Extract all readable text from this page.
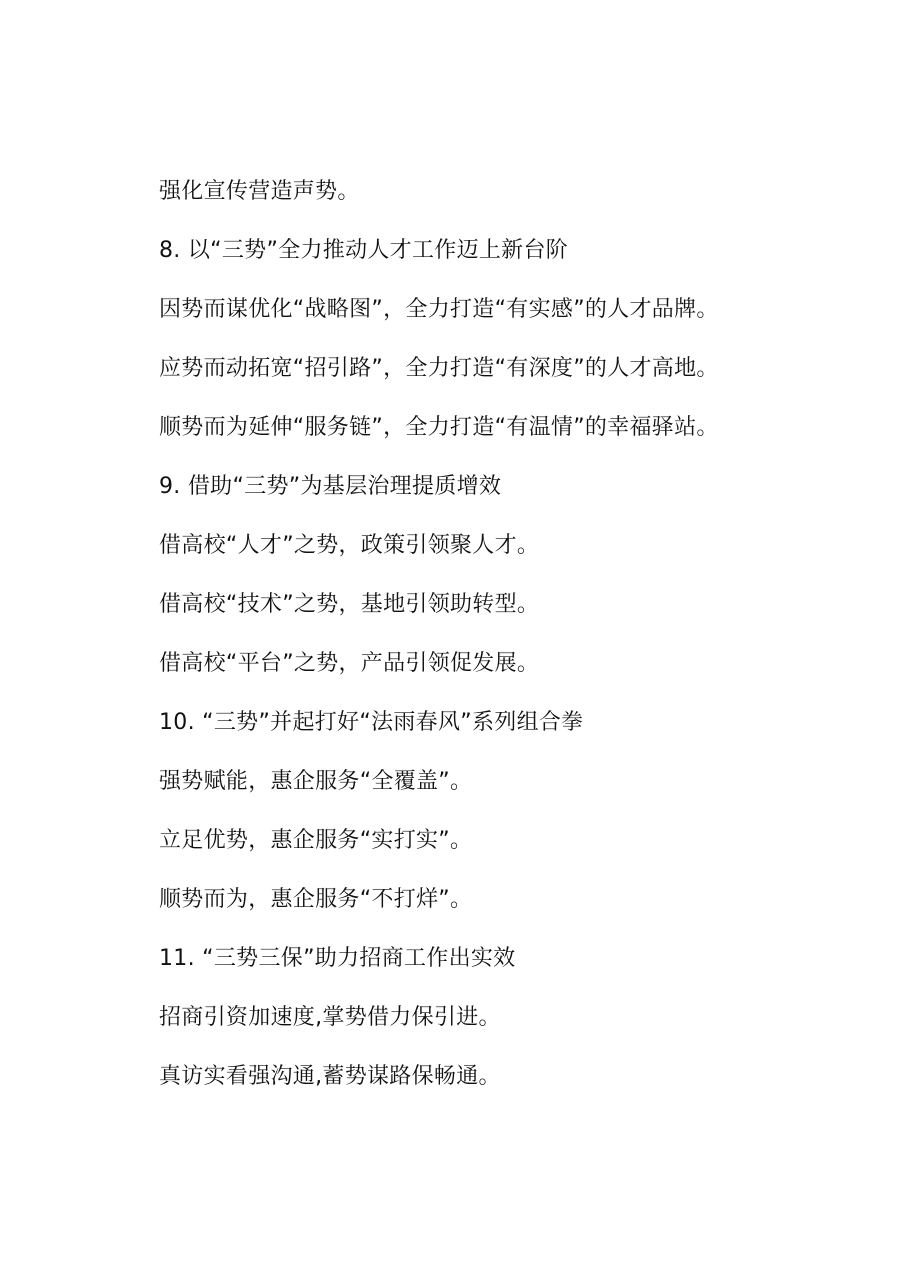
强化宣传营造声势。
8. 以“三势”全力推动人才工作迈上新台阶
因势而谋优化“战略图”，全力打造“有实感”的人才品牌。
应势而动拓宽“招引路”，全力打造“有深度”的人才高地。
顺势而为延伸“服务链”，全力打造“有温情”的幸福驿站。
9. 借助“三势”为基层治理提质增效
借高校“人才”之势，政策引领聚人才。
借高校“技术”之势，基地引领助转型。
借高校“平台”之势，产品引领促发展。
10. “三势”并起打好“法雨春风”系列组合拳
强势赋能，惠企服务“全覆盖”。
立足优势，惠企服务“实打实”。
顺势而为，惠企服务“不打烊”。
11. “三势三保”助力招商工作出实效
招商引资加速度,掌势借力保引进。
真访实看强沟通,蓄势谋路保畅通。
